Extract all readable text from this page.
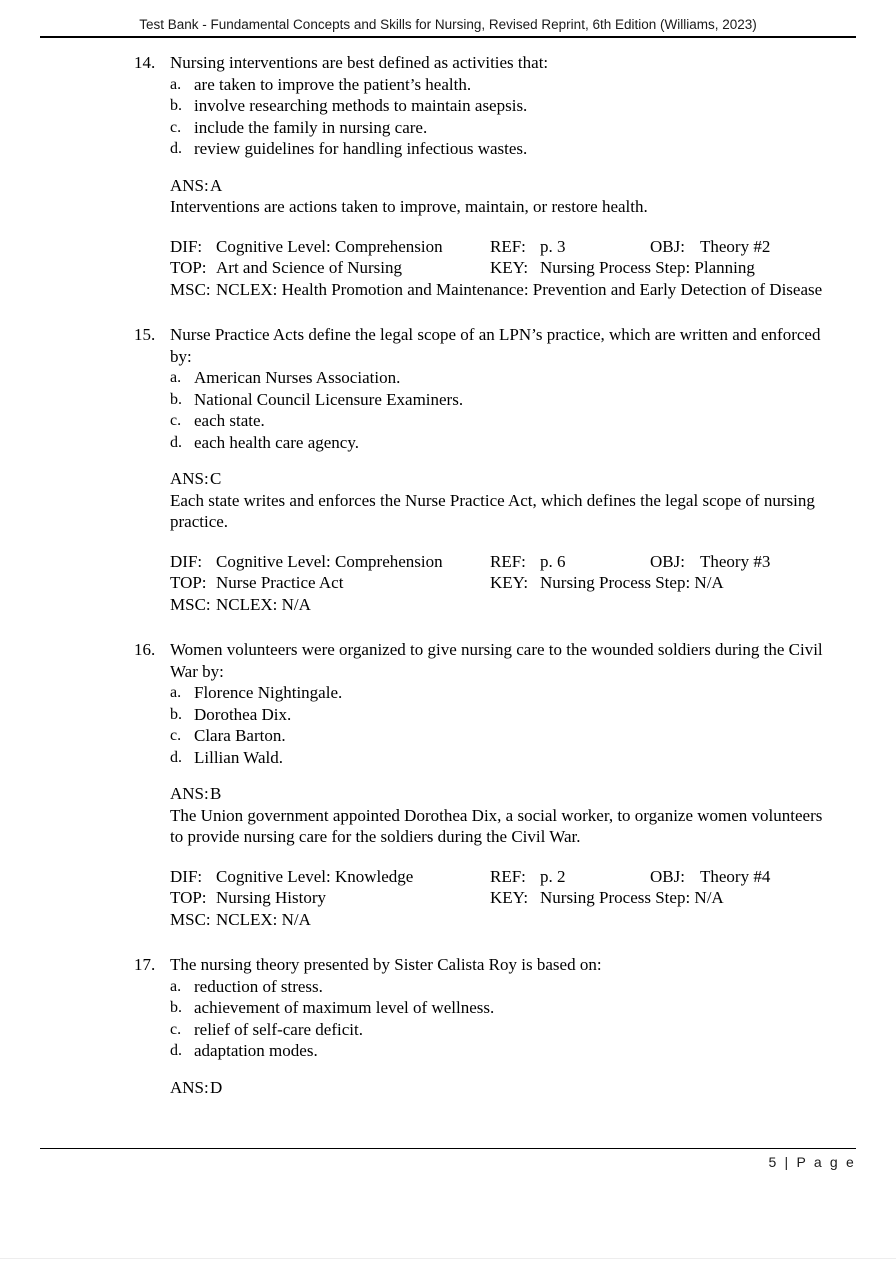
Test Bank - Fundamental Concepts and Skills for Nursing, Revised Reprint, 6th Edition (Williams, 2023)
14. Nursing interventions are best defined as activities that:
a. are taken to improve the patient’s health.
b. involve researching methods to maintain asepsis.
c. include the family in nursing care.
d. review guidelines for handling infectious wastes.
ANS:A
Interventions are actions taken to improve, maintain, or restore health.
DIF: Cognitive Level: Comprehension	REF: p. 3	OBJ: Theory #2
TOP: Art and Science of Nursing	KEY: Nursing Process Step: Planning
MSC: NCLEX: Health Promotion and Maintenance: Prevention and Early Detection of Disease
15. Nurse Practice Acts define the legal scope of an LPN’s practice, which are written and enforced by:
a. American Nurses Association.
b. National Council Licensure Examiners.
c. each state.
d. each health care agency.
ANS:C
Each state writes and enforces the Nurse Practice Act, which defines the legal scope of nursing practice.
DIF: Cognitive Level: Comprehension	REF: p. 6	OBJ: Theory #3
TOP: Nurse Practice Act	KEY: Nursing Process Step: N/A
MSC: NCLEX: N/A
16. Women volunteers were organized to give nursing care to the wounded soldiers during the Civil War by:
a. Florence Nightingale.
b. Dorothea Dix.
c. Clara Barton.
d. Lillian Wald.
ANS:B
The Union government appointed Dorothea Dix, a social worker, to organize women volunteers to provide nursing care for the soldiers during the Civil War.
DIF: Cognitive Level: Knowledge	REF: p. 2	OBJ: Theory #4
TOP: Nursing History	KEY: Nursing Process Step: N/A
MSC: NCLEX: N/A
17. The nursing theory presented by Sister Calista Roy is based on:
a. reduction of stress.
b. achievement of maximum level of wellness.
c. relief of self-care deficit.
d. adaptation modes.
ANS:D
5 | P a g e
